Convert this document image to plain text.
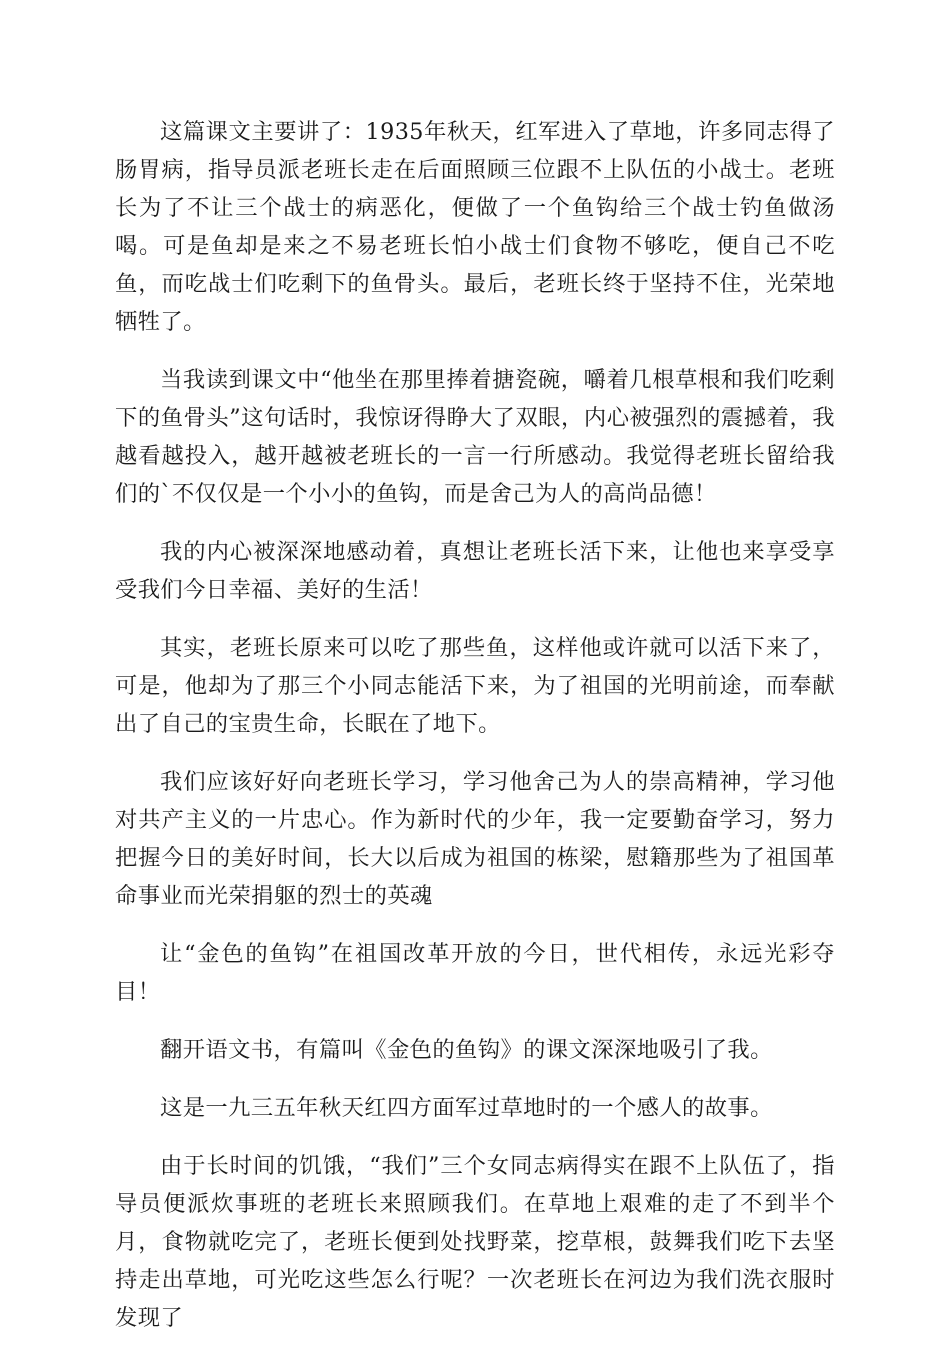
这篇课文主要讲了：1935年秋天，红军进入了草地，许多同志得了肠胃病，指导员派老班长走在后面照顾三位跟不上队伍的小战士。老班长为了不让三个战士的病恶化，便做了一个鱼钩给三个战士钓鱼做汤喝。可是鱼却是来之不易老班长怕小战士们食物不够吃，便自己不吃鱼，而吃战士们吃剩下的鱼骨头。最后，老班长终于坚持不住，光荣地牺牲了。

当我读到课文中“他坐在那里捧着搪瓷碗，嚼着几根草根和我们吃剩下的鱼骨头”这句话时，我惊讶得睁大了双眼，内心被强烈的震撼着，我越看越投入，越开越被老班长的一言一行所感动。我觉得老班长留给我们的`不仅仅是一个小小的鱼钩，而是舍己为人的高尚品德！

我的内心被深深地感动着，真想让老班长活下来，让他也来享受享受我们今日幸福、美好的生活！

其实，老班长原来可以吃了那些鱼，这样他或许就可以活下来了，可是，他却为了那三个小同志能活下来，为了祖国的光明前途，而奉献出了自己的宝贵生命，长眠在了地下。

我们应该好好向老班长学习，学习他舍己为人的崇高精神，学习他对共产主义的一片忠心。作为新时代的少年，我一定要勤奋学习，努力把握今日的美好时间，长大以后成为祖国的栋梁，慰籍那些为了祖国革命事业而光荣捐躯的烈士的英魂

让“金色的鱼钩”在祖国改革开放的今日，世代相传，永远光彩夺目！

翻开语文书，有篇叫《金色的鱼钩》的课文深深地吸引了我。

这是一九三五年秋天红四方面军过草地时的一个感人的故事。

由于长时间的饥饿，“我们”三个女同志病得实在跟不上队伍了，指导员便派炊事班的老班长来照顾我们。在草地上艰难的走了不到半个月，食物就吃完了，老班长便到处找野菜，挖草根，鼓舞我们吃下去坚持走出草地，可光吃这些怎么行呢？一次老班长在河边为我们洗衣服时发现了
